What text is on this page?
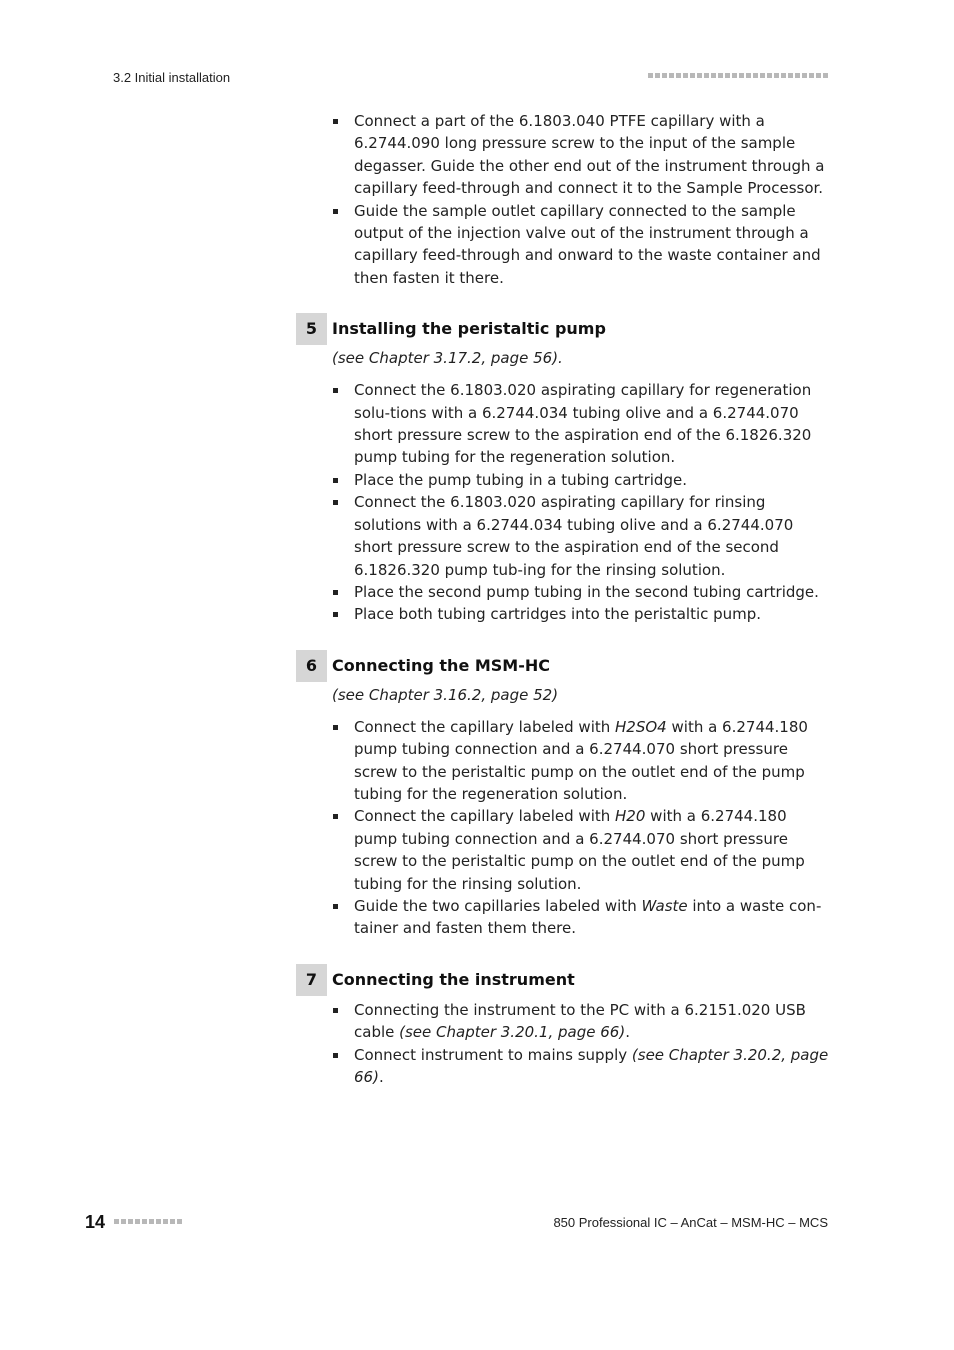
3.2 Initial installation
Connect a part of the 6.1803.040 PTFE capillary with a 6.2744.090 long pressure screw to the input of the sample degasser. Guide the other end out of the instrument through a capillary feed-through and connect it to the Sample Processor.
Guide the sample outlet capillary connected to the sample output of the injection valve out of the instrument through a capillary feed-through and onward to the waste container and then fasten it there.
5 Installing the peristaltic pump
(see Chapter 3.17.2, page 56).
Connect the 6.1803.020 aspirating capillary for regeneration solu-tions with a 6.2744.034 tubing olive and a 6.2744.070 short pressure screw to the aspiration end of the 6.1826.320 pump tubing for the regeneration solution.
Place the pump tubing in a tubing cartridge.
Connect the 6.1803.020 aspirating capillary for rinsing solutions with a 6.2744.034 tubing olive and a 6.2744.070 short pressure screw to the aspiration end of the second 6.1826.320 pump tub-ing for the rinsing solution.
Place the second pump tubing in the second tubing cartridge.
Place both tubing cartridges into the peristaltic pump.
6 Connecting the MSM-HC
(see Chapter 3.16.2, page 52)
Connect the capillary labeled with H2SO4 with a 6.2744.180 pump tubing connection and a 6.2744.070 short pressure screw to the peristaltic pump on the outlet end of the pump tubing for the regeneration solution.
Connect the capillary labeled with H20 with a 6.2744.180 pump tubing connection and a 6.2744.070 short pressure screw to the peristaltic pump on the outlet end of the pump tubing for the rinsing solution.
Guide the two capillaries labeled with Waste into a waste con-tainer and fasten them there.
7 Connecting the instrument
Connecting the instrument to the PC with a 6.2151.020 USB cable (see Chapter 3.20.1, page 66).
Connect instrument to mains supply (see Chapter 3.20.2, page 66).
14	850 Professional IC – AnCat – MSM-HC – MCS
